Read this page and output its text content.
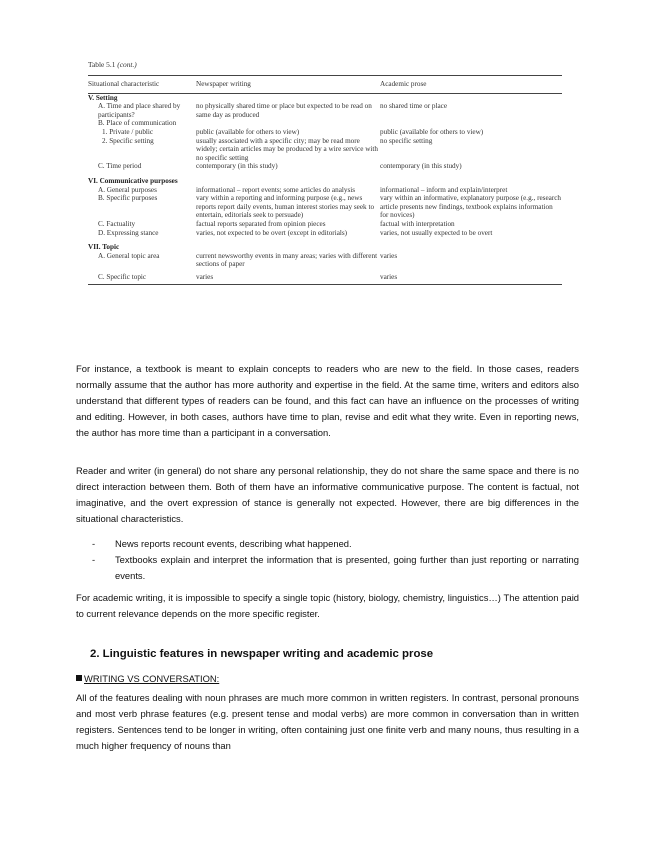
Table 5.1 (cont.)
Situational characteristic	Newspaper writing	Academic prose
V. Setting		

A. Time and place shared by participants?	no physically shared time or place but expected to be read on same day as produced	no shared time or place

B. Place of communication		

1. Private / public	public (available for others to view)	public (available for others to view)

2. Specific setting	usually associated with a specific city; may be read more widely; certain articles may be produced by a wire service with no specific setting	no specific setting

C. Time period	contemporary (in this study)	contemporary (in this study)
VI. Communicative purposes		

A. General purposes	informational – report events; some articles do analysis	informational – inform and explain/interpret

B. Specific purposes	vary within a reporting and informing purpose (e.g., news reports report daily events, human interest stories may seek to entertain, editorials seek to persuade)	vary within an informative, explanatory purpose (e.g., research article presents new findings, textbook explains information for novices)

C. Factuality	factual reports separated from opinion pieces	factual with interpretation

D. Expressing stance	varies, not expected to be overt (except in editorials)	varies, not usually expected to be overt
VII. Topic		

A. General topic area	current newsworthy events in many areas; varies with different sections of paper	varies

C. Specific topic	varies	varies

For instance, a textbook is meant to explain concepts to readers who are new to the field. In those cases, readers normally assume that the author has more authority and expertise in the field. At the same time, writers and editors also understand that different types of readers can be found, and this fact can have an influence on the processes of writing and editing. However, in both cases, authors have time to plan, revise and edit what they write. Even in reporting news, the author has more time than a participant in a conversation.

Reader and writer (in general) do not share any personal relationship, they do not share the same space and there is no direct interaction between them. Both of them have an informative communicative purpose. The content is factual, not imaginative, and the overt expression of stance is generally not expected. However, there are big differences in the situational characteristics.

- News reports recount events, describing what happened.
- Textbooks explain and interpret the information that is presented, going further than just reporting or narrating events.

For academic writing, it is impossible to specify a single topic (history, biology, chemistry, linguistics…) The attention paid to current relevance depends on the more specific register.

2. Linguistic features in newspaper writing and academic prose

WRITING VS CONVERSATION:

All of the features dealing with noun phrases are much more common in written registers. In contrast, personal pronouns and most verb phrase features (e.g. present tense and modal verbs) are more common in conversation than in written registers. Sentences tend to be longer in writing, often containing just one finite verb and many nouns, thus resulting in a much higher frequency of nouns than
